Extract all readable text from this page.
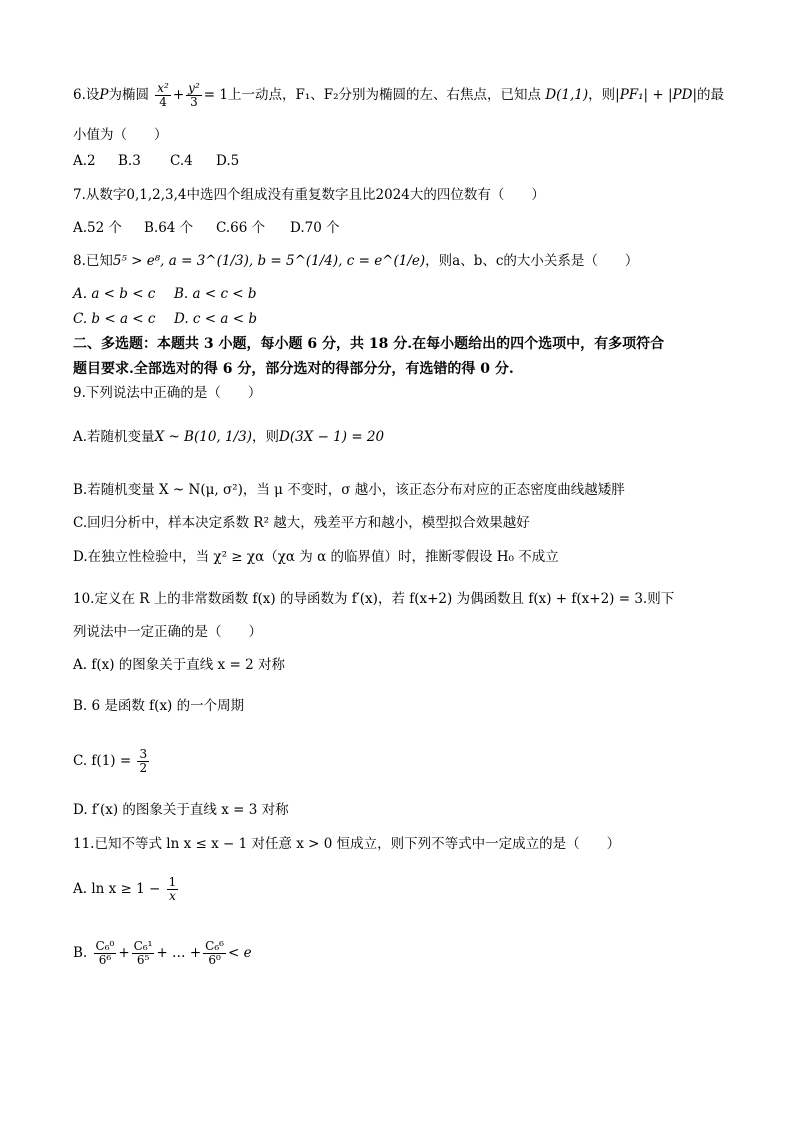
6.设P为椭圆 $\frac{\text{x²}}{4} + \frac{\text{y²}}{3} = 1$上一动点，F₁、F₂分别为椭圆的左、右焦点，已知点 D(1,1)，则|PF₁| + |PD|的最
小值为（　　）
A.2 B.3 C.4 D.5
7.从数字0,1,2,3,4中选四个组成没有重复数字且比2024大的四位数有（　　）
A.52 个 B.64 个 C.66 个 D.70 个
8.已知5⁵ > e⁸, a = 3^(1/3), b = 5^(1/4), c = e^(1/e)，则a、b、c的大小关系是（　　）
A. a < b < c B. a < c < b
C. b < a < c D. c < a < b
二、多选题：本题共 3 小题，每小题 6 分，共 18 分.在每小题给出的四个选项中，有多项符合
题目要求.全部选对的得 6 分，部分选对的得部分分，有选错的得 0 分.
9.下列说法中正确的是（　　）
A.若随机变量X ~ B(10, 1/3)，则D(3X − 1) = 20
B.若随机变量 X ~ N(μ, σ²)，当 μ 不变时，σ 越小，该正态分布对应的正态密度曲线越矮胖
C.回归分析中，样本决定系数 R² 越大，残差平方和越小，模型拟合效果越好
D.在独立性检验中，当 χ² ≥ χα（χα 为 α 的临界值）时，推断零假设 H₀ 不成立
10.定义在 R 上的非常数函数 f(x) 的导函数为 f′(x)，若 f(x+2) 为偶函数且 f(x) + f(x+2) = 3.则下
列说法中一定正确的是（　　）
A. f(x) 的图象关于直线 x = 2 对称
B. 6 是函数 f(x) 的一个周期
C. $f(1) = \frac{3}{2}$
D. f′(x) 的图象关于直线 x = 3 对称
11.已知不等式 ln x ≤ x − 1 对任意 x > 0 恒成立，则下列不等式中一定成立的是（　　）
A. $\ln x \ge 1 - \frac{1}{x}$
B. $\frac{\text{C₆⁰}}{\text{6⁶}} + \frac{\text{C₆¹}}{\text{6⁵}}$ + … + $\frac{\text{C₆⁶}}{\text{6⁰}} < e$
